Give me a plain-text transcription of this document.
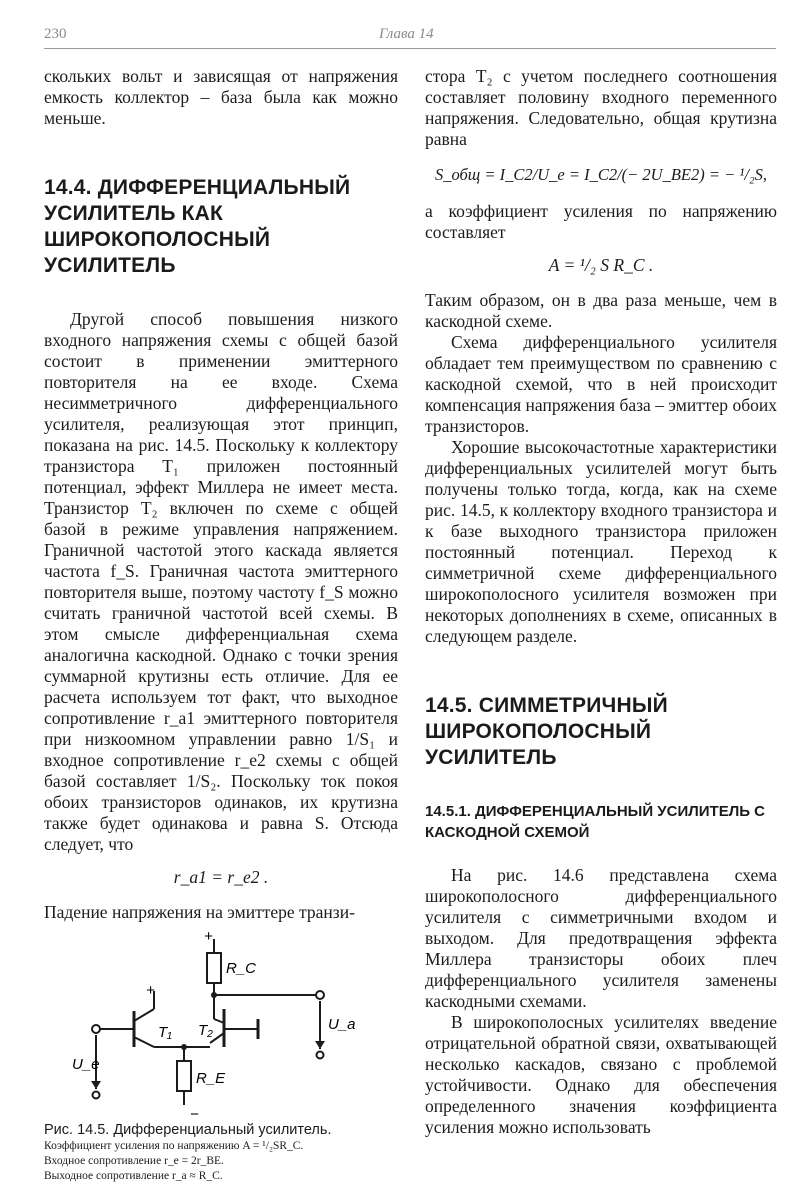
230	Глава 14

скольких вольт и зависящая от напряжения емкость коллектор – база была как можно меньше.

14.4. ДИФФЕРЕНЦИАЛЬНЫЙ УСИЛИТЕЛЬ КАК ШИРОКОПОЛОСНЫЙ УСИЛИТЕЛЬ

Другой способ повышения низкого входного напряжения схемы с общей базой состоит в применении эмиттерного повторителя на ее входе. Схема несимметричного дифференциального усилителя, реализующая этот принцип, показана на рис. 14.5. Поскольку к коллектору транзистора T₁ приложен постоянный потенциал, эффект Миллера не имеет места. Транзистор T₂ включен по схеме с общей базой в режиме управления напряжением. Граничной частотой этого каскада является частота f_S. Граничная частота эмиттерного повторителя выше, поэтому частоту f_S можно считать граничной частотой всей схемы. В этом смысле дифференциальная схема аналогична каскодной. Однако с точки зрения суммарной крутизны есть отличие. Для ее расчета используем тот факт, что выходное сопротивление r_a1 эмиттерного повторителя при низкоомном управлении равно 1/S₁ и входное сопротивление r_e2 схемы с общей базой составляет 1/S₂. Поскольку ток покоя обоих транзисторов одинаков, их крутизна также будет одинакова и равна S. Отсюда следует, что

r_a1 = r_e2 .

Падение напряжения на эмиттере транзи-

+
+
−
R_C
R_E
T₁ T₂	U_a
U_e
Рис. 14.5. Дифференциальный усилитель.
Коэффициент усиления по напряжению A = ¹/₂SR_C.
Входное сопротивление r_e = 2r_BE.
Выходное сопротивление r_a ≈ R_C.

стора T₂ с учетом последнего соотношения составляет половину входного переменного напряжения. Следовательно, общая крутизна равна

S_общ = I_C2/U_e = I_C2/(− 2U_BE2) = − ¹/₂S,

а коэффициент усиления по напряжению составляет

A = ¹/₂ S R_C .

Таким образом, он в два раза меньше, чем в каскодной схеме.

Схема дифференциального усилителя обладает тем преимуществом по сравнению с каскодной схемой, что в ней происходит компенсация напряжения база – эмиттер обоих транзисторов.

Хорошие высокочастотные характеристики дифференциальных усилителей могут быть получены только тогда, когда, как на схеме рис. 14.5, к коллектору входного транзистора и к базе выходного транзистора приложен постоянный потенциал. Переход к симметричной схеме дифференциального широкополосного усилителя возможен при некоторых дополнениях в схеме, описанных в следующем разделе.

14.5. СИММЕТРИЧНЫЙ ШИРОКОПОЛОСНЫЙ УСИЛИТЕЛЬ
14.5.1. ДИФФЕРЕНЦИАЛЬНЫЙ УСИЛИТЕЛЬ С КАСКОДНОЙ СХЕМОЙ

На рис. 14.6 представлена схема широкополосного дифференциального усилителя с симметричными входом и выходом. Для предотвращения эффекта Миллера транзисторы обоих плеч дифференциального усилителя заменены каскодными схемами.

В широкополосных усилителях введение отрицательной обратной связи, охватывающей несколько каскадов, связано с проблемой устойчивости. Однако для обеспечения определенного значения коэффициента усиления можно использовать
